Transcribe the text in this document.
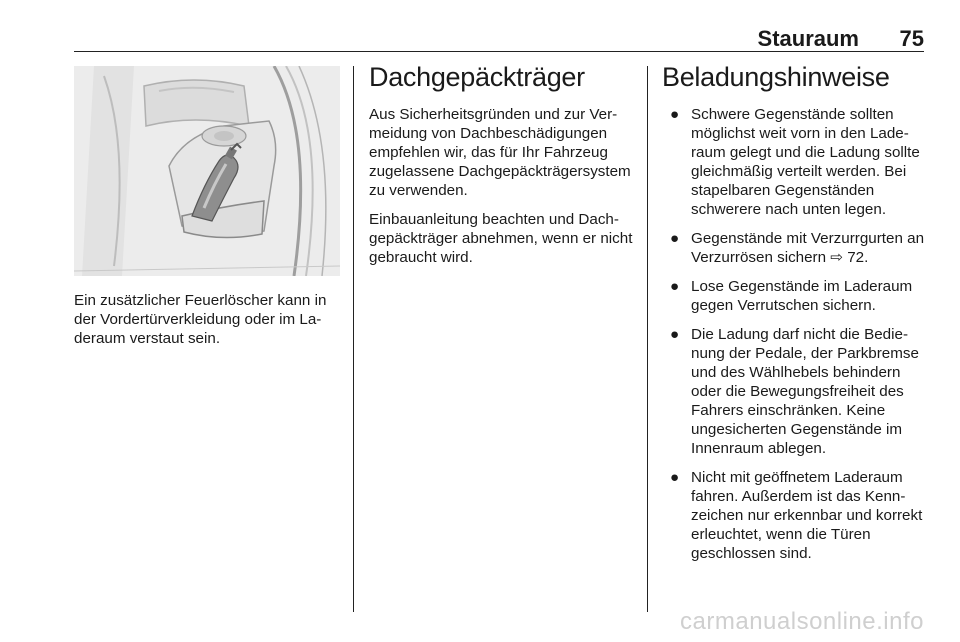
Stauraum 75
Ein zusätzlicher Feuerlöscher kann in der Vordertürverkleidung oder im Laderaum verstaut sein.
Dachgepäckträger

Aus Sicherheitsgründen und zur Vermeidung von Dachbeschädigungen empfehlen wir, das für Ihr Fahrzeug zugelassene Dachgepäckträgersystem zu verwenden.

Einbauanleitung beachten und Dachgepäckträger abnehmen, wenn er nicht gebraucht wird.

Beladungshinweise
● Schwere Gegenstände sollten möglichst weit vorn in den Laderaum gelegt und die Ladung sollte gleichmäßig verteilt werden. Bei stapelbaren Gegenständen schwerere nach unten legen.
● Gegenstände mit Verzurrgurten an Verzurrösen sichern ⇨ 72.
● Lose Gegenstände im Laderaum gegen Verrutschen sichern.
● Die Ladung darf nicht die Bedienung der Pedale, der Parkbremse und des Wählhebels behindern oder die Bewegungsfreiheit des Fahrers einschränken. Keine ungesicherten Gegenstände im Innenraum ablegen.
● Nicht mit geöffnetem Laderaum fahren. Außerdem ist das Kennzeichen nur erkennbar und korrekt erleuchtet, wenn die Türen geschlossen sind.
carmanualsonline.info
